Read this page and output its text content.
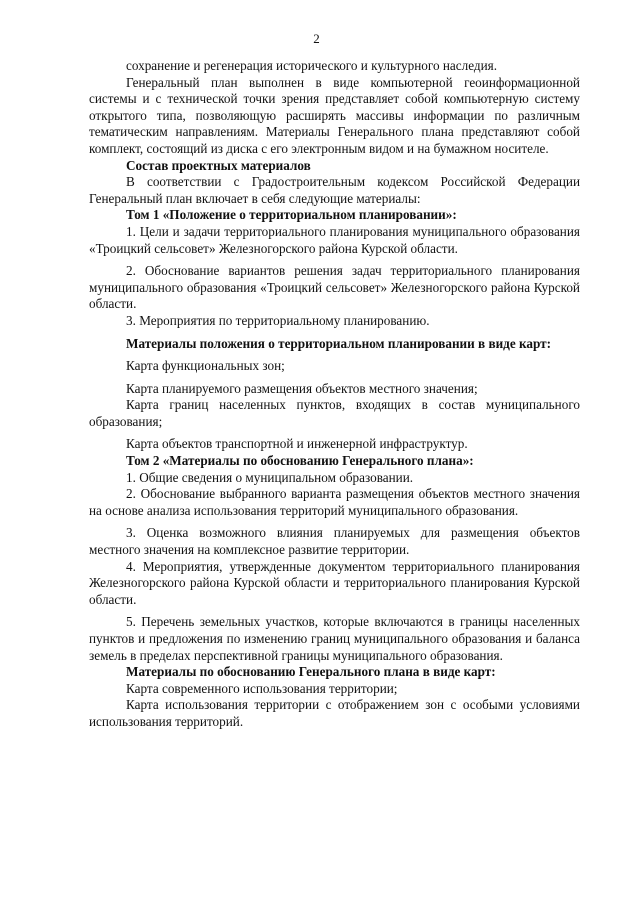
2

сохранение и регенерация исторического и культурного наследия.

Генеральный план выполнен в виде компьютерной геоинформационной системы и с технической точки зрения представляет собой компьютерную систему открытого типа, позволяющую расширять массивы информации по различным тематическим направлениям. Материалы Генерального плана представляют собой комплект, состоящий из диска с его электронным видом и на бумажном носителе.

Состав проектных материалов

В соответствии с Градостроительным кодексом Российской Федерации Генеральный план включает в себя следующие материалы:

Том 1 «Положение о территориальном планировании»:

1. Цели и задачи территориального планирования муниципального образования «Троицкий сельсовет» Железногорского района Курской области.

2. Обоснование вариантов решения задач территориального планирования муниципального образования «Троицкий сельсовет» Железногорского района Курской области.

3. Мероприятия по территориальному планированию.

Материалы положения о территориальном планировании в виде карт:

Карта функциональных зон;

Карта планируемого размещения объектов местного значения;

Карта границ населенных пунктов, входящих в состав муниципального образования;

Карта объектов транспортной и инженерной инфраструктур.

Том 2 «Материалы по обоснованию Генерального плана»:

1. Общие сведения о муниципальном образовании.

2. Обоснование выбранного варианта размещения объектов местного значения на основе анализа использования территорий муниципального образования.

3. Оценка возможного влияния планируемых для размещения объектов местного значения на комплексное развитие территории.

4. Мероприятия, утвержденные документом территориального планирования Железногорского района Курской области и территориального планирования Курской области.

5. Перечень земельных участков, которые включаются в границы населенных пунктов и предложения по изменению границ муниципального образования и баланса земель в пределах перспективной границы муниципального образования.

Материалы по обоснованию Генерального плана в виде карт:

Карта современного использования территории;

Карта использования территории с отображением зон с особыми условиями использования территорий.
